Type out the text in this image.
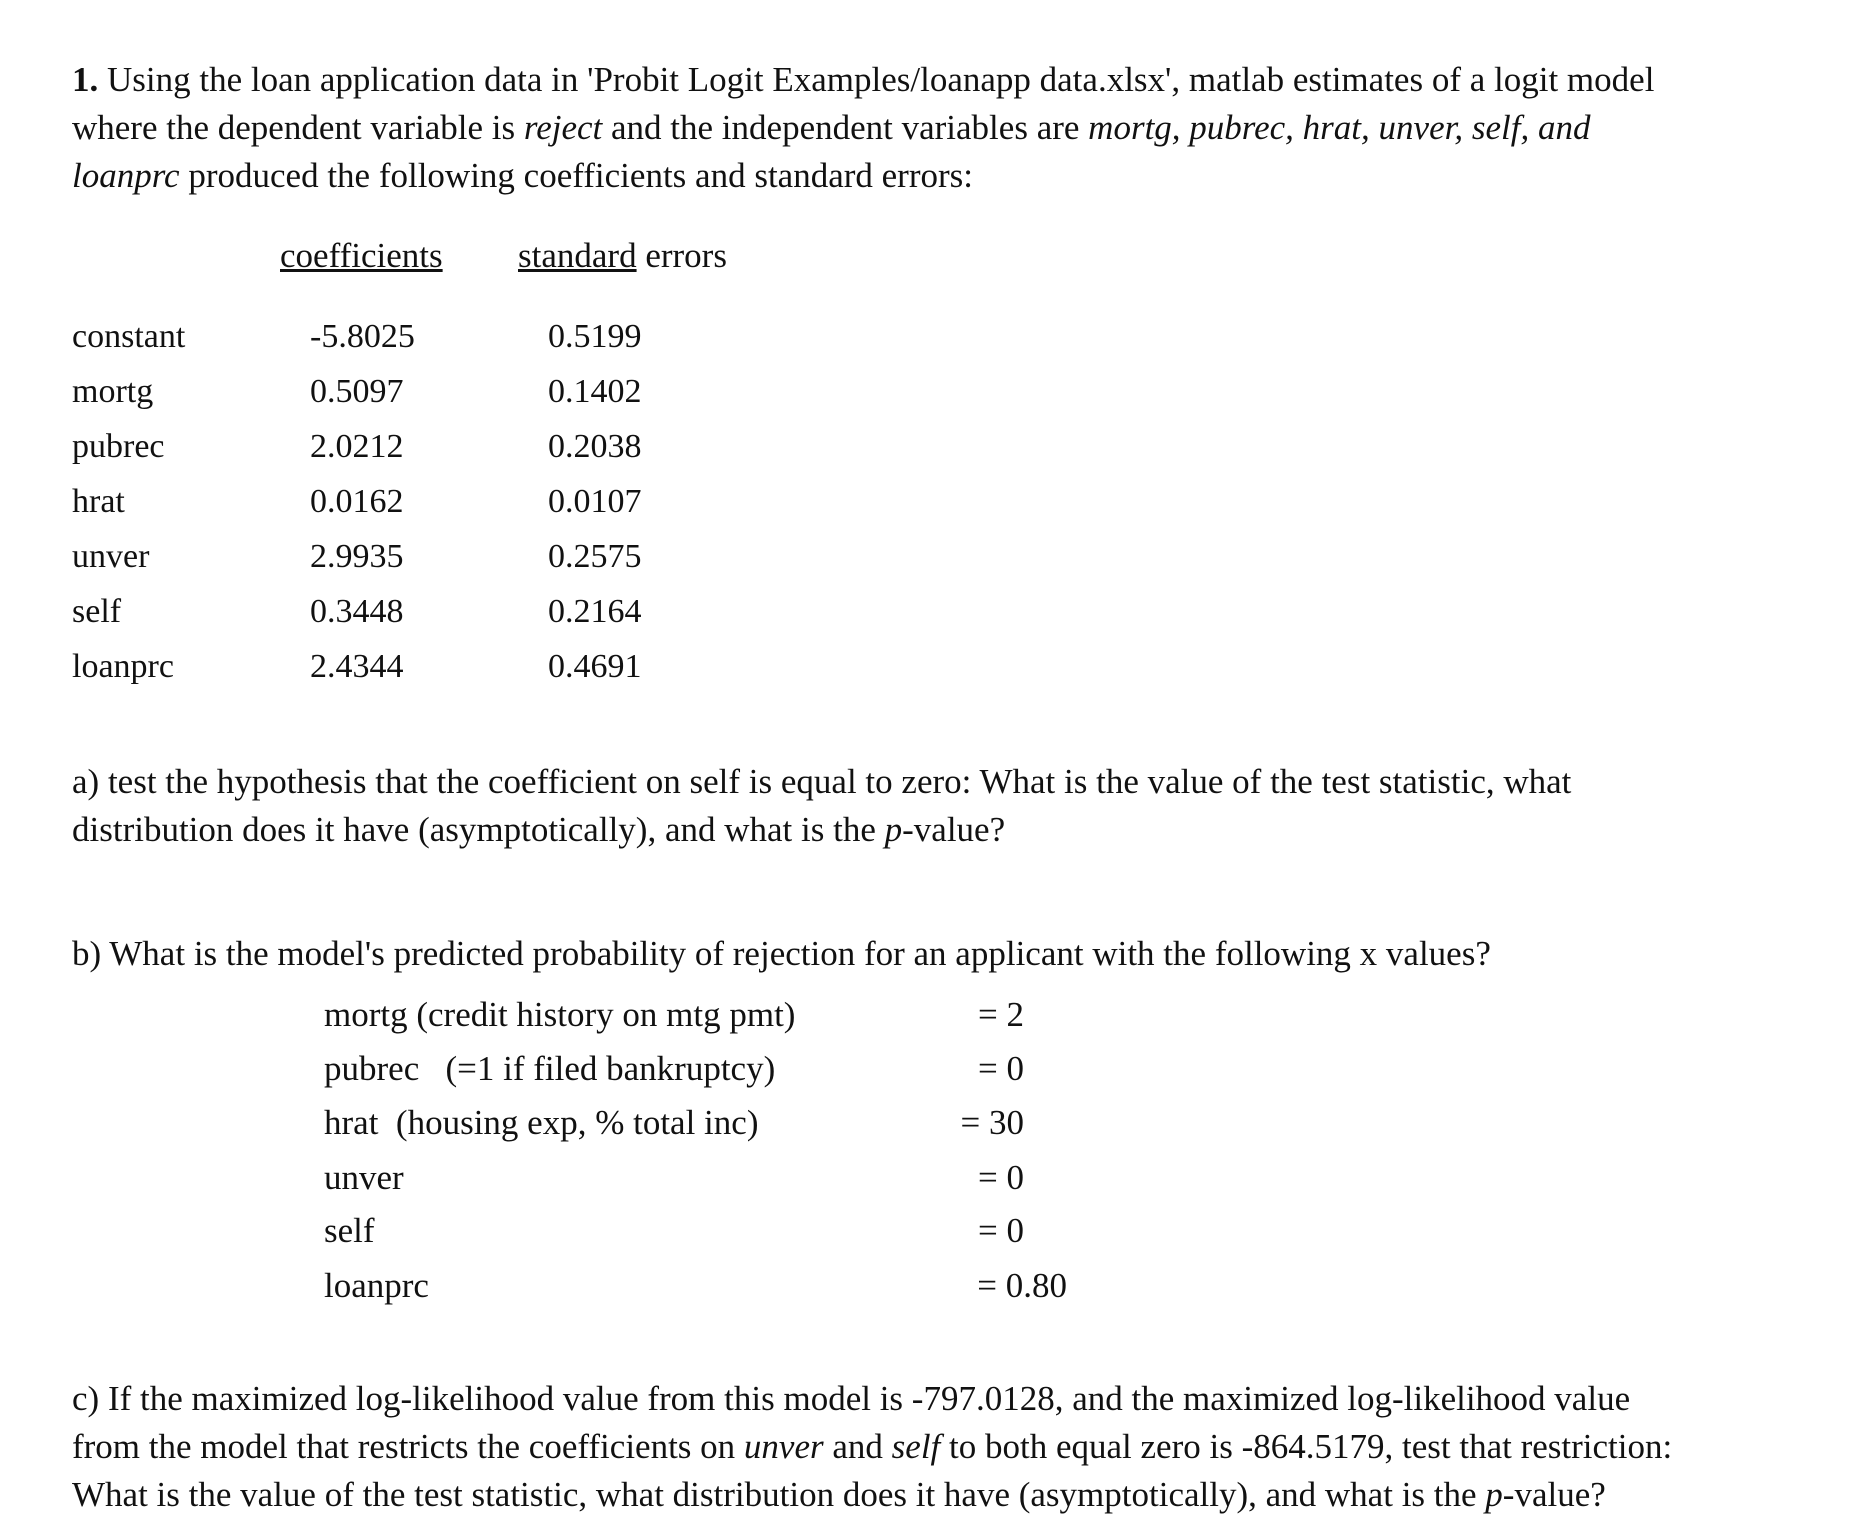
1. Using the loan application data in 'Probit Logit Examples/loanapp data.xlsx', matlab estimates of a logit model
where the dependent variable is reject and the independent variables are mortg, pubrec, hrat, unver, self, and
loanprc produced the following coefficients and standard errors:
coefficients standard errors
constant	-5.8025	0.5199
mortg	0.5097	0.1402
pubrec	2.0212	0.2038
hrat	0.0162	0.0107
unver	2.9935	0.2575
self	0.3448	0.2164
loanprc	2.4344	0.4691
a) test the hypothesis that the coefficient on self is equal to zero: What is the value of the test statistic, what
distribution does it have (asymptotically), and what is the p-value?
b) What is the model's predicted probability of rejection for an applicant with the following x values?
mortg (credit history on mtg pmt)	= 2
pubrec   (=1 if filed bankruptcy)	= 0
hrat  (housing exp, % total inc)	= 30
unver	= 0
self	= 0
loanprc	= 0.80
c) If the maximized log-likelihood value from this model is -797.0128, and the maximized log-likelihood value
from the model that restricts the coefficients on unver and self to both equal zero is -864.5179, test that restriction:
What is the value of the test statistic, what distribution does it have (asymptotically), and what is the p-value?
